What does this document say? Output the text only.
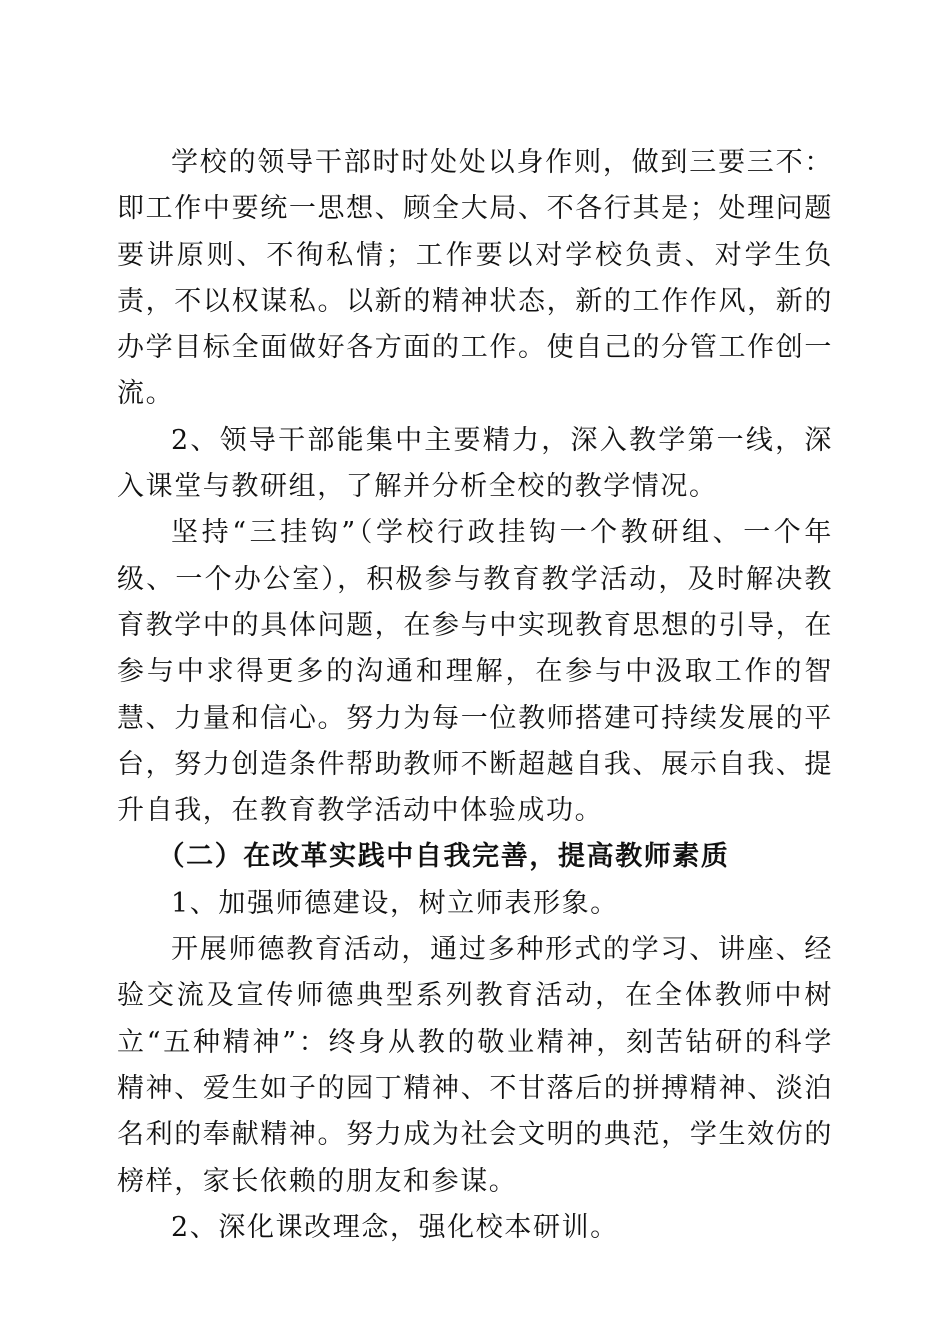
学校的领导干部时时处处以身作则，做到三要三不：即工作中要统一思想、顾全大局、不各行其是；处理问题要讲原则、不徇私情；工作要以对学校负责、对学生负责，不以权谋私。以新的精神状态，新的工作作风，新的办学目标全面做好各方面的工作。使自己的分管工作创一流。

2、领导干部能集中主要精力，深入教学第一线，深入课堂与教研组，了解并分析全校的教学情况。

坚持“三挂钩”（学校行政挂钩一个教研组、一个年级、一个办公室），积极参与教育教学活动，及时解决教育教学中的具体问题，在参与中实现教育思想的引导，在参与中求得更多的沟通和理解，在参与中汲取工作的智慧、力量和信心。努力为每一位教师搭建可持续发展的平台，努力创造条件帮助教师不断超越自我、展示自我、提升自我，在教育教学活动中体验成功。

（二）在改革实践中自我完善，提高教师素质

1、加强师德建设，树立师表形象。

开展师德教育活动，通过多种形式的学习、讲座、经验交流及宣传师德典型系列教育活动，在全体教师中树立“五种精神”：终身从教的敬业精神，刻苦钻研的科学精神、爱生如子的园丁精神、不甘落后的拼搏精神、淡泊名利的奉献精神。努力成为社会文明的典范，学生效仿的榜样，家长依赖的朋友和参谋。

2、深化课改理念，强化校本研训。
